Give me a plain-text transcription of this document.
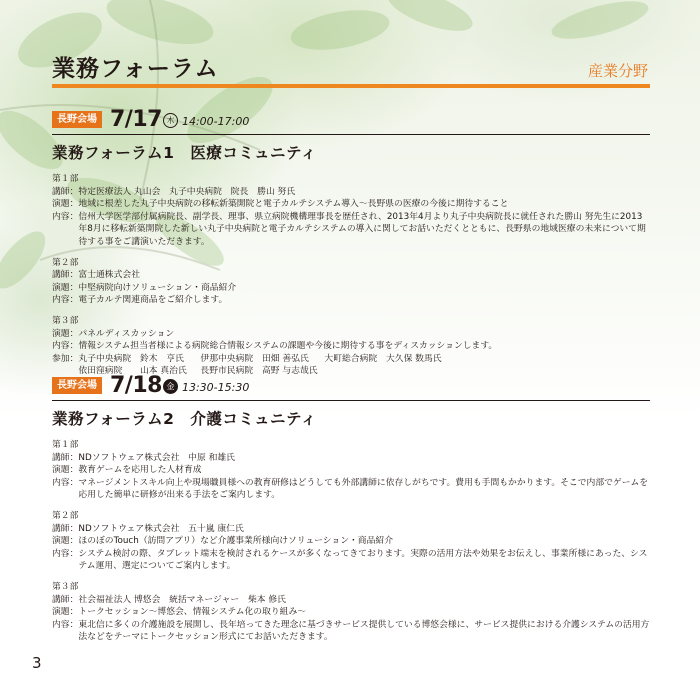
業務フォーラム	産業分野
長野会場 7/17 木 14:00-17:00
業務フォーラム1　医療コミュニティ
第１部
講師： 特定医療法人 丸山会　丸子中央病院　院長　勝山 努氏
演題： 地域に根差した丸子中央病院の移転新築開院と電子カルテシステム導入〜長野県の医療の今後に期待すること
内容： 信州大学医学部付属病院長、副学長、理事、県立病院機構理事長を歴任され、2013年4月より丸子中央病院長に就任された勝山 努先生に2013年8月に移転新築開院した新しい丸子中央病院と電子カルテシステムの導入に関してお話いただくとともに、長野県の地域医療の未来について期待する事をご講演いただきます。
第２部
講師： 富士通株式会社
演題： 中堅病院向けソリューション・商品紹介
内容： 電子カルテ関連商品をご紹介します。
第３部
演題： パネルディスカッション
内容： 情報システム担当者様による病院総合情報システムの課題や今後に期待する事をディスカッションします。
参加： 丸子中央病院　鈴木　亨氏	伊那中央病院　田畑 善弘氏	大町総合病院　大久保 数馬氏
依田窪病院　　山本 真治氏	長野市民病院　高野 与志哉氏
長野会場 7/18 金 13:30-15:30
業務フォーラム2　介護コミュニティ
第１部
講師： NDソフトウェア株式会社　中原 和雄氏
演題： 教育ゲームを応用した人材育成
内容： マネージメントスキル向上や現場職員様への教育研修はどうしても外部講師に依存しがちです。費用も手間もかかります。そこで内部でゲームを応用した簡単に研修が出来る手法をご案内します。
第２部
講師： NDソフトウェア株式会社　五十嵐 康仁氏
演題： ほのぼのTouch（訪問アプリ）など介護事業所様向けソリューション・商品紹介
内容： システム検討の際、タブレット端末を検討されるケースが多くなってきております。実際の活用方法や効果をお伝えし、事業所様にあった、システム運用、選定についてご案内します。
第３部
講師： 社会福祉法人 博悠会　統括マネージャー　柴本 修氏
演題： トークセッション〜博悠会、情報システム化の取り組み〜
内容： 東北信に多くの介護施設を展開し、長年培ってきた理念に基づきサービス提供している博悠会様に、サービス提供における介護システムの活用方法などをテーマにトークセッション形式にてお話いただきます。
3
